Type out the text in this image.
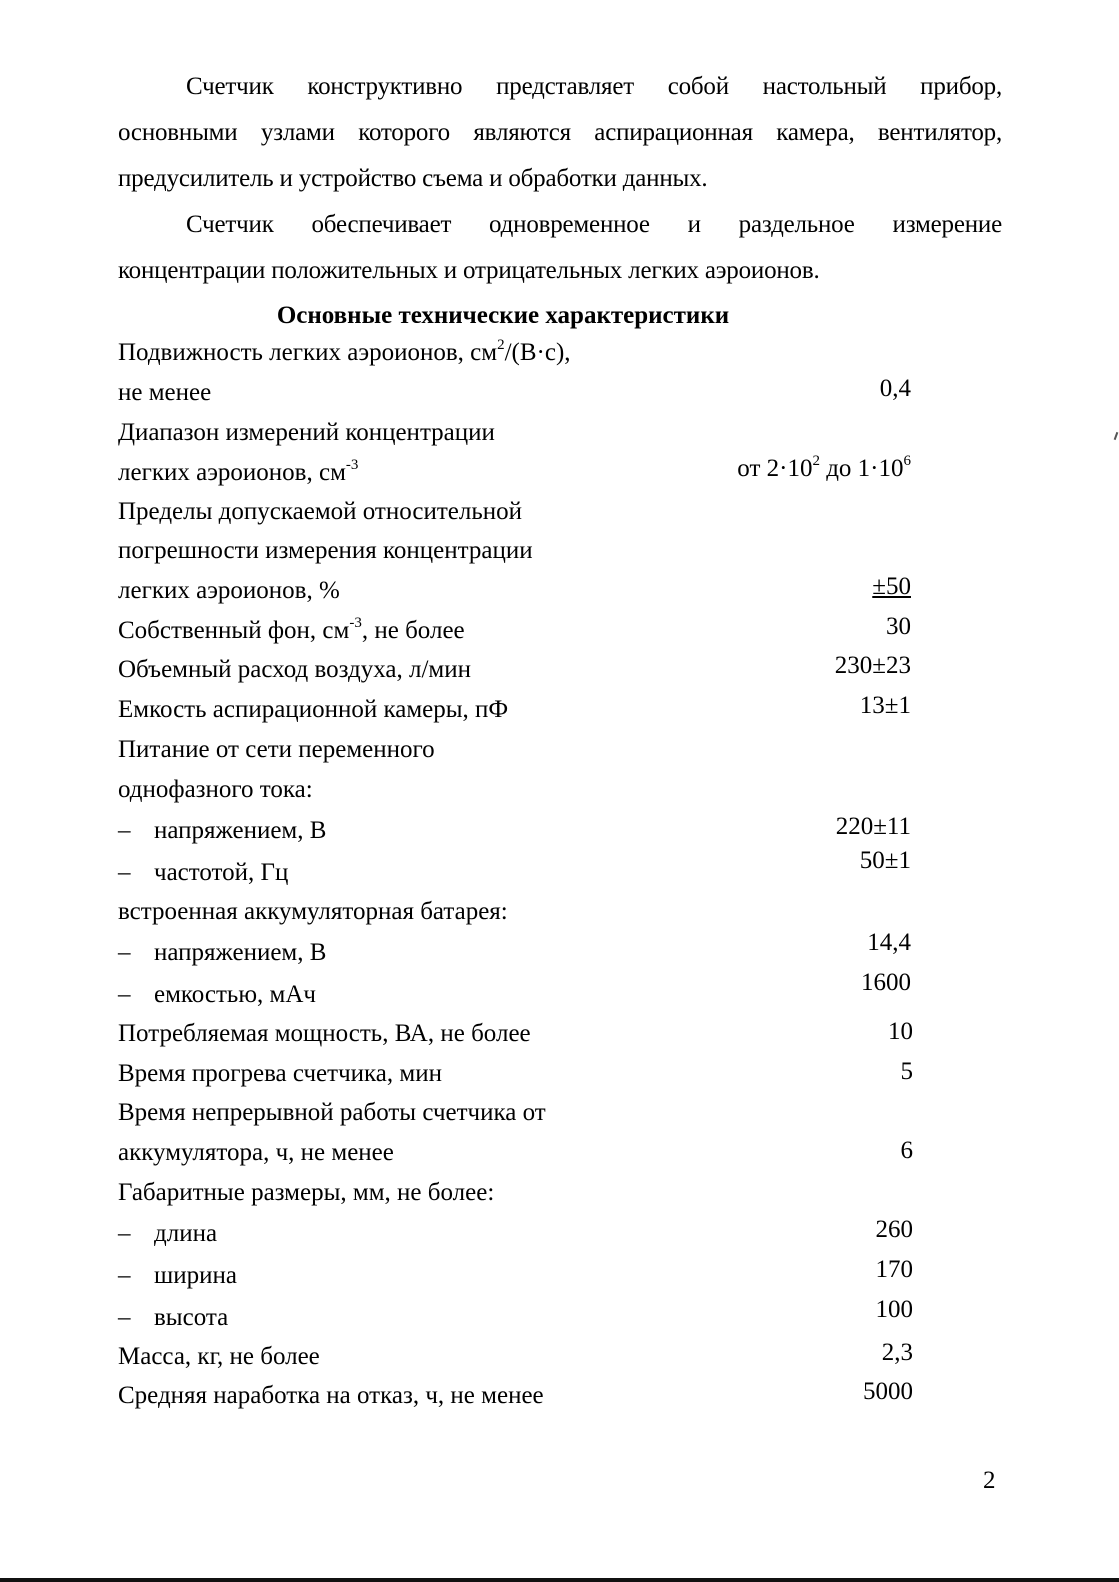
Счетчик конструктивно представляет собой настольный прибор,
основными узлами которого являются аспирационная камера, вентилятор,
предусилитель и устройство съема и обработки данных.
Счетчик обеспечивает одновременное и раздельное измерение
концентрации положительных и отрицательных легких аэроионов.
Основные технические характеристики
Подвижность легких аэроионов, $см^2/(В\cdot с)$,
не менее	0,4
Диапазон измерений концентрации
легких аэроионов, $см^{-3}$	от $2\cdot 10^2$ до $1\cdot 10^6$
Пределы допускаемой относительной
погрешности измерения концентрации
легких аэроионов, %	±50
Собственный фон, $см^{-3}$, не более	30
Объемный расход воздуха, л/мин	230±23
Емкость аспирационной камеры, пФ	13±1
Питание от сети переменного
однофазного тока:
– напряжением, В	220±11
– частотой, Гц	50±1
встроенная аккумуляторная батарея:
– напряжением, В	14,4
– емкостью, мАч	1600
Потребляемая мощность, ВА, не более	10
Время прогрева счетчика, мин	5
Время непрерывной работы счетчика от
аккумулятора, ч, не менее	6
Габаритные размеры, мм, не более:
– длина	260
– ширина	170
– высота	100
Масса, кг, не более	2,3
Средняя наработка на отказ, ч, не менее	5000
2
